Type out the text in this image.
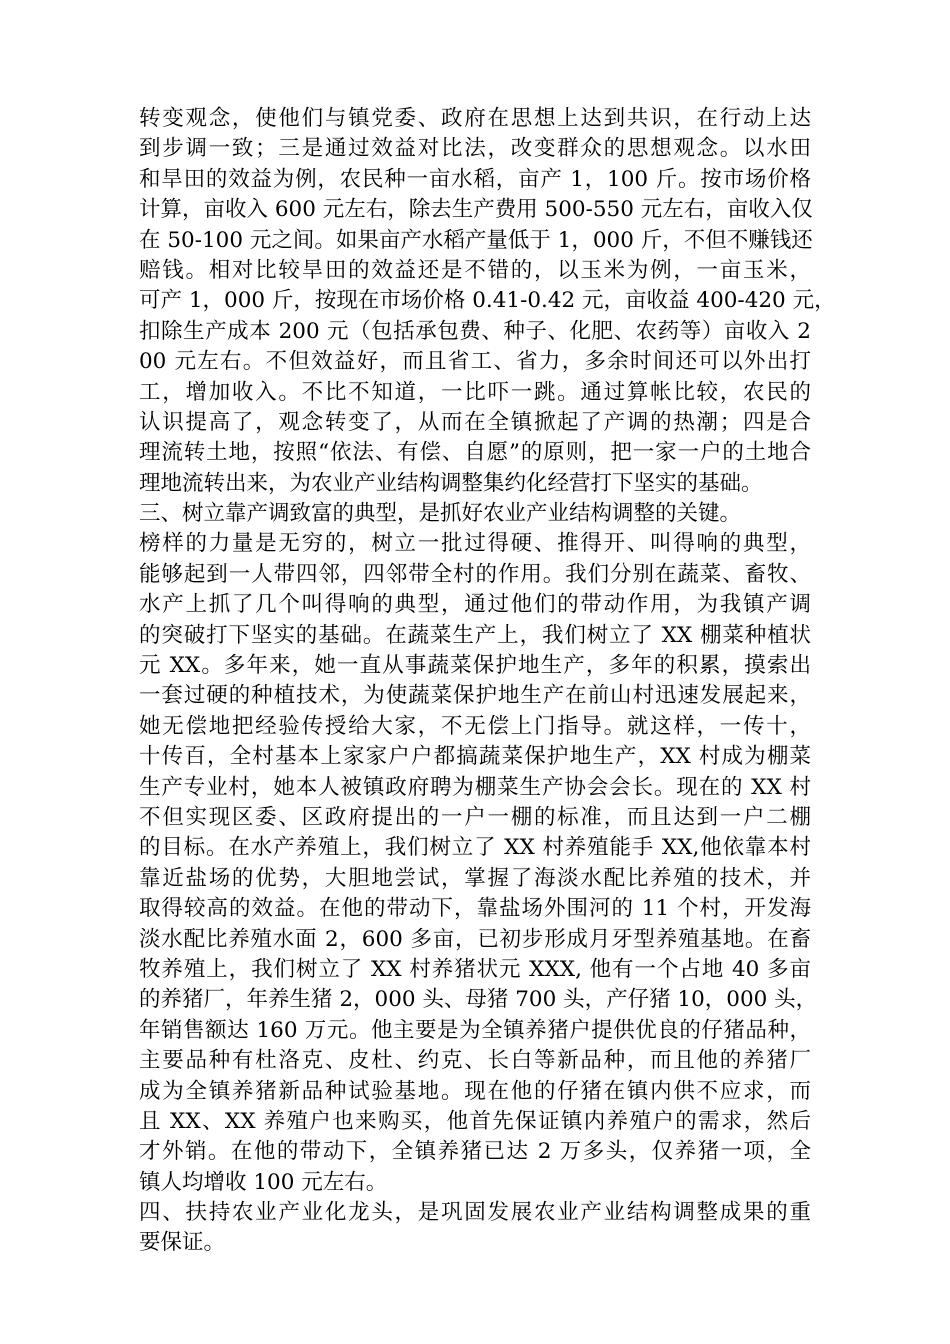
转变观念，使他们与镇党委、政府在思想上达到共识，在行动上达
到步调一致；三是通过效益对比法，改变群众的思想观念。以水田
和旱田的效益为例，农民种一亩水稻，亩产 1，100 斤。按市场价格
计算，亩收入 600 元左右，除去生产费用 500-550 元左右，亩收入仅
在 50-100 元之间。如果亩产水稻产量低于 1，000 斤，不但不赚钱还
赔钱。相对比较旱田的效益还是不错的，以玉米为例，一亩玉米，
可产 1，000 斤，按现在市场价格 0.41-0.42 元，亩收益 400-420 元，
扣除生产成本 200 元（包括承包费、种子、化肥、农药等）亩收入 2
00 元左右。不但效益好，而且省工、省力，多余时间还可以外出打
工，增加收入。不比不知道，一比吓一跳。通过算帐比较，农民的
认识提高了，观念转变了，从而在全镇掀起了产调的热潮；四是合
理流转土地，按照“依法、有偿、自愿”的原则，把一家一户的土地合
理地流转出来，为农业产业结构调整集约化经营打下坚实的基础。
三、树立靠产调致富的典型，是抓好农业产业结构调整的关键。
榜样的力量是无穷的，树立一批过得硬、推得开、叫得响的典型，
能够起到一人带四邻，四邻带全村的作用。我们分别在蔬菜、畜牧、
水产上抓了几个叫得响的典型，通过他们的带动作用，为我镇产调
的突破打下坚实的基础。在蔬菜生产上，我们树立了 XX 棚菜种植状
元 XX。多年来，她一直从事蔬菜保护地生产，多年的积累，摸索出
一套过硬的种植技术，为使蔬菜保护地生产在前山村迅速发展起来，
她无偿地把经验传授给大家，不无偿上门指导。就这样，一传十，
十传百，全村基本上家家户户都搞蔬菜保护地生产，XX 村成为棚菜
生产专业村，她本人被镇政府聘为棚菜生产协会会长。现在的 XX 村
不但实现区委、区政府提出的一户一棚的标准，而且达到一户二棚
的目标。在水产养殖上，我们树立了 XX 村养殖能手 XX,他依靠本村
靠近盐场的优势，大胆地尝试，掌握了海淡水配比养殖的技术，并
取得较高的效益。在他的带动下，靠盐场外围河的 11 个村，开发海
淡水配比养殖水面 2，600 多亩，已初步形成月牙型养殖基地。在畜
牧养殖上，我们树立了 XX 村养猪状元 XXX, 他有一个占地 40 多亩
的养猪厂，年养生猪 2，000 头、母猪 700 头，产仔猪 10，000 头，
年销售额达 160 万元。他主要是为全镇养猪户提供优良的仔猪品种，
主要品种有杜洛克、皮杜、约克、长白等新品种，而且他的养猪厂
成为全镇养猪新品种试验基地。现在他的仔猪在镇内供不应求，而
且 XX、XX 养殖户也来购买，他首先保证镇内养殖户的需求，然后
才外销。在他的带动下，全镇养猪已达 2 万多头，仅养猪一项，全
镇人均增收 100 元左右。
四、扶持农业产业化龙头，是巩固发展农业产业结构调整成果的重
要保证。
